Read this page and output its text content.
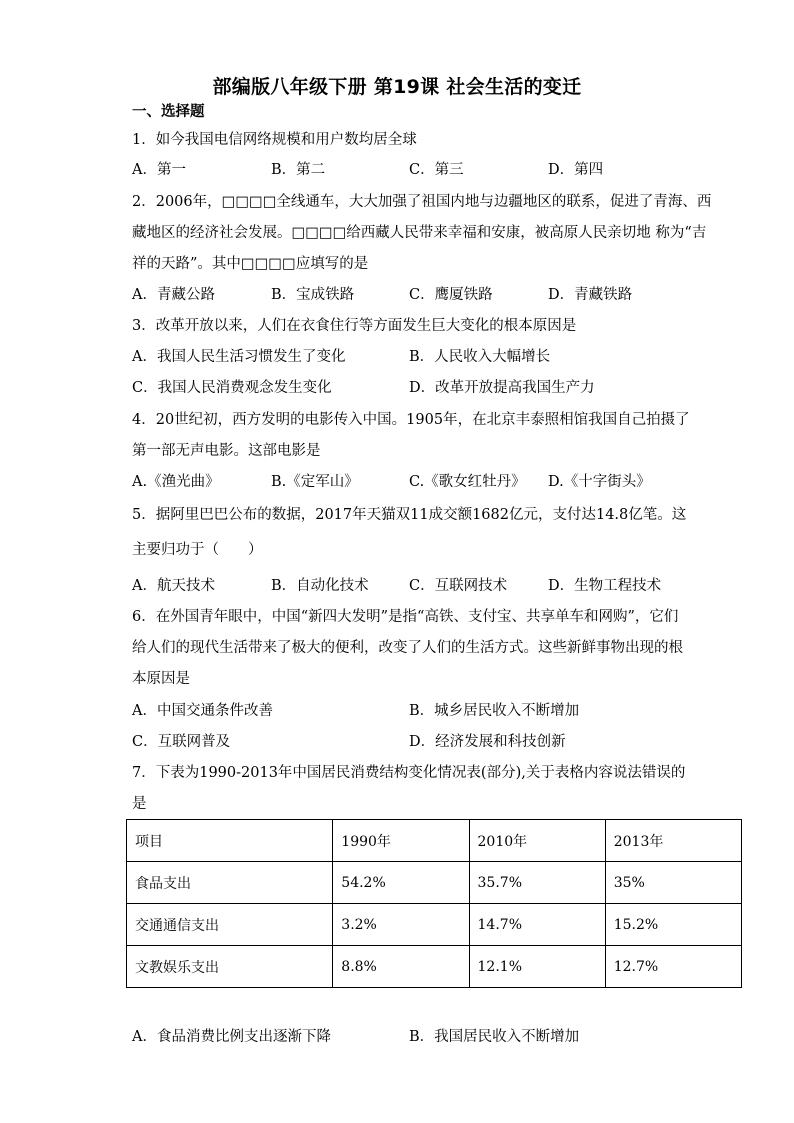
部编版八年级下册 第19课 社会生活的变迁
一、选择题
1．如今我国电信网络规模和用户数均居全球
A．第一	B．第二	C．第三	D．第四
2．2006年，□□□□全线通车，大大加强了祖国内地与边疆地区的联系，促进了青海、西
藏地区的经济社会发展。□□□□给西藏人民带来幸福和安康，被高原人民亲切地 称为“吉
祥的天路”。其中□□□□应填写的是
A．青藏公路	B．宝成铁路	C．鹰厦铁路	D．青藏铁路
3．改革开放以来，人们在衣食住行等方面发生巨大变化的根本原因是
A．我国人民生活习惯发生了变化	B．人民收入大幅增长
C．我国人民消费观念发生变化	D．改革开放提高我国生产力
4．20世纪初，西方发明的电影传入中国。1905年，在北京丰泰照相馆我国自己拍摄了
第一部无声电影。这部电影是
A.《渔光曲》	B.《定军山》	C.《歌女红牡丹》 D.《十字街头》
5．据阿里巴巴公布的数据，2017年天猫双11成交额1682亿元，支付达14.8亿笔。这
主要归功于（　　）
A．航天技术	B．自动化技术	C．互联网技术	D．生物工程技术
6．在外国青年眼中，中国“新四大发明”是指“高铁、支付宝、共享单车和网购”，它们
给人们的现代生活带来了极大的便利，改变了人们的生活方式。这些新鲜事物出现的根
本原因是
A．中国交通条件改善	B．城乡居民收入不断增加
C．互联网普及	D．经济发展和科技创新
7．下表为1990-2013年中国居民消费结构变化情况表(部分),关于表格内容说法错误的
是
项目	1990年	2010年	2013年
食品支出	54.2%	35.7%	35%
交通通信支出	3.2%	14.7%	15.2%
文教娱乐支出	8.8%	12.1%	12.7%
A．食品消费比例支出逐渐下降	B．我国居民收入不断增加
